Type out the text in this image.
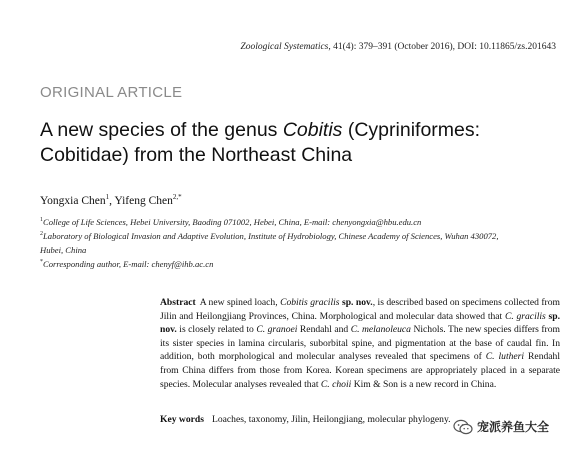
Zoological Systematics, 41(4): 379–391 (October 2016), DOI: 10.11865/zs.201643
ORIGINAL ARTICLE
A new species of the genus Cobitis (Cypriniformes: Cobitidae) from the Northeast China
Yongxia Chen$^1$, Yifeng Chen$^{2,*}$
$^1$College of Life Sciences, Hebei University, Baoding 071002, Hebei, China, E-mail: chenyongxia@hbu.edu.cn
$^2$Laboratory of Biological Invasion and Adaptive Evolution, Institute of Hydrobiology, Chinese Academy of Sciences, Wuhan 430072,
Hubei, China
*Corresponding author, E-mail: chenyf@ihb.ac.cn
Abstract A new spined loach, Cobitis gracilis sp. nov., is described based on specimens collected from Jilin and Heilongjiang Provinces, China. Morphological and molecular data showed that C. gracilis sp. nov. is closely related to C. granoei Rendahl and C. melanoleuca Nichols. The new species differs from its sister species in lamina circularis, suborbital spine, and pigmentation at the base of caudal fin. In addition, both morphological and molecular analyses revealed that specimens of C. lutheri Rendahl from China differs from those from Korea. Korean specimens are appropriately placed in a separate species. Molecular analyses revealed that C. choii Kim & Son is a new record in China.
Key words Loaches, taxonomy, Jilin, Heilongjiang, molecular phylogeny.
宠派养鱼大全
